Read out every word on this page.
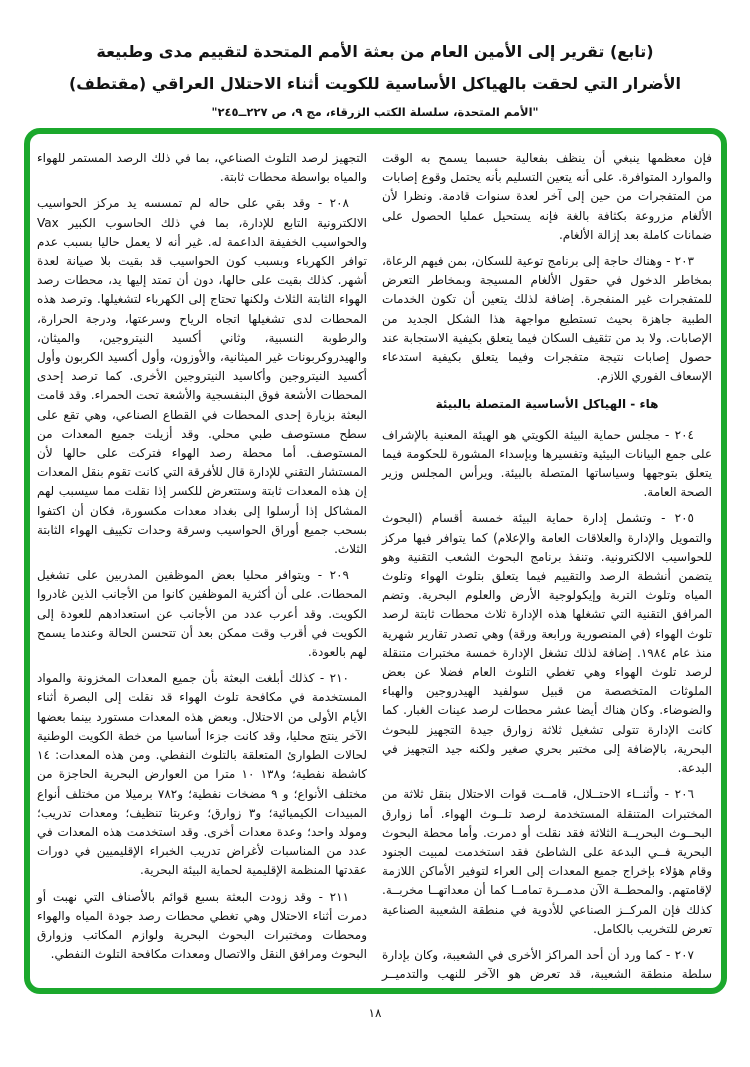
(تابع) تقرير إلى الأمين العام من بعثة الأمم المتحدة لتقييم مدى وطبيعة
الأضرار التي لحقت بالهياكل الأساسية للكويت أثناء الاحتلال العراقي (مقتطف)
"الأمم المتحدة، سلسلة الكتب الزرقاء، مج ٩، ص ٢٢٧ــ٢٤٥"

فإن معظمها ينبغي أن ينظف بفعالية حسبما يسمح به الوقت والموارد المتوافرة. على أنه يتعين التسليم بأنه يحتمل وقوع إصابات من المتفجرات من حين إلى آخر لعدة سنوات قادمة. ونظرا لأن الألغام مزروعة بكثافة بالغة فإنه يستحيل عمليا الحصول على ضمانات كاملة بعد إزالة الألغام.

٢٠٣ - وهناك حاجة إلى برنامج توعية للسكان، بمن فيهم الرعاة، بمخاطر الدخول في حقول الألغام المسيجة وبمخاطر التعرض للمتفجرات غير المنفجرة. إضافة لذلك يتعين أن تكون الخدمات الطبية جاهزة بحيث تستطيع مواجهة هذا الشكل الجديد من الإصابات. ولا بد من تثقيف السكان فيما يتعلق بكيفية الاستجابة عند حصول إصابات نتيجة متفجرات وفيما يتعلق بكيفية استدعاء الإسعاف الفوري اللازم.

هاء - الهياكل الأساسية المتصلة بالبيئة

٢٠٤ - مجلس حماية البيئة الكويتي هو الهيئة المعنية بالإشراف على جمع البيانات البيئية وتفسيرها وبإسداء المشورة للحكومة فيما يتعلق بتوجهها وسياساتها المتصلة بالبيئة. ويرأس المجلس وزير الصحة العامة.

٢٠٥ - وتشمل إدارة حماية البيئة خمسة أقسام (البحوث والتمويل والإدارة والعلاقات العامة والإعلام) كما يتوافر فيها مركز للحواسيب الالكترونية. وتنفذ برنامج البحوث الشعب التقنية وهو يتضمن أنشطة الرصد والتقييم فيما يتعلق بتلوث الهواء وتلوث المياه وتلوث التربة وإيكولوجية الأرض والعلوم البحرية. وتضم المرافق التقنية التي تشغلها هذه الإدارة ثلاث محطات ثابتة لرصد تلوث الهواء (في المنصورية ورابعة ورقة) وهي تصدر تقارير شهرية منذ عام ١٩٨٤. إضافة لذلك تشغل الإدارة خمسة مختبرات متنقلة لرصد تلوث الهواء وهي تغطي التلوث العام فضلا عن بعض الملوثات المتخصصة من قبيل سولفيد الهيدروجين والهباء والضوضاء. وكان هناك أيضا عشر محطات لرصد عينات الغبار. كما كانت الإدارة تتولى تشغيل ثلاثة زوارق جيدة التجهيز للبحوث البحرية، بالإضافة إلى مختبر بحري صغير ولكنه جيد التجهيز في البدعة.

٢٠٦ - وأثنــاء الاحتــلال، قامــت قوات الاحتلال بنقل ثلاثة من المختبرات المتنقلة المستخدمة لرصد تلــوث الهواء. أما زوارق البحــوث البحريــة الثلاثة فقد نقلت أو دمرت. وأما محطة البحوث البحرية فــي البدعة على الشاطئ فقد استخدمت لمبيت الجنود وقام هؤلاء بإخراج جميع المعدات إلى العراء لتوفير الأماكن اللازمة لإقامتهم. والمحطــة الآن مدمــرة تمامــا كما أن معداتهــا مخربــة. كذلك فإن المركــز الصناعي للأدوية في منطقة الشعيبة الصناعية تعرض للتخريب بالكامل.

٢٠٧ - كما ورد أن أحد المراكز الأخرى في الشعيبة، وكان بإدارة سلطة منطقة الشعيبة، قد تعرض هو الآخر للنهب والتدميــر بالكامــل. وكان هذا المركز يضم عدة مختبرات كاملة

التجهيز لرصد التلوث الصناعي، بما في ذلك الرصد المستمر للهواء والمياه بواسطة محطات ثابتة.

٢٠٨ - وقد بقي على حاله لم تمسسه يد مركز الحواسيب الالكترونية التابع للإدارة، بما في ذلك الحاسوب الكبير Vax والحواسيب الخفيفة الداعمة له. غير أنه لا يعمل حاليا بسبب عدم توافر الكهرباء وبسبب كون الحواسيب قد بقيت بلا صيانة لعدة أشهر. كذلك بقيت على حالها، دون أن تمتد إليها يد، محطات رصد الهواء الثابتة الثلاث ولكنها تحتاج إلى الكهرباء لتشغيلها. وترصد هذه المحطات لدى تشغيلها اتجاه الرياح وسرعتها، ودرجة الحرارة، والرطوبة النسبية، وثاني أكسيد النيتروجين، والميثان، والهيدروكربونات غير الميثانية، والأوزون، وأول أكسيد الكربون وأول أكسيد النيتروجين وأكاسيد النيتروجين الأخرى. كما ترصد إحدى المحطات الأشعة فوق البنفسجية والأشعة تحت الحمراء. وقد قامت البعثة بزيارة إحدى المحطات في القطاع الصناعي، وهي تقع على سطح مستوصف طبي محلي. وقد أزيلت جميع المعدات من المستوصف. أما محطة رصد الهواء فتركت على حالها لأن المستشار التقني للإدارة قال للأفرقة التي كانت تقوم بنقل المعدات إن هذه المعدات ثابتة وستتعرض للكسر إذا نقلت مما سيسبب لهم المشاكل إذا أرسلوا إلى بغداد معدات مكسورة، فكان أن اكتفوا بسحب جميع أوراق الحواسيب وسرقة وحدات تكييف الهواء الثابتة الثلاث.

٢٠٩ - ويتوافر محليا بعض الموظفين المدربين على تشغيل المحطات. على أن أكثرية الموظفين كانوا من الأجانب الذين غادروا الكويت. وقد أعرب عدد من الأجانب عن استعدادهم للعودة إلى الكويت في أقرب وقت ممكن بعد أن تتحسن الحالة وعندما يسمح لهم بالعودة.

٢١٠ - كذلك أبلغت البعثة بأن جميع المعدات المخزونة والمواد المستخدمة في مكافحة تلوث الهواء قد نقلت إلى البصرة أثناء الأيام الأولى من الاحتلال. وبعض هذه المعدات مستورد بينما بعضها الآخر ينتج محليا، وقد كانت جزءا أساسيا من خطة الكويت الوطنية لحالات الطوارئ المتعلقة بالتلوث النفطي. ومن هذه المعدات: ١٤ كاشطة نفطية؛ و١٣٨ ١٠ مترا من العوارض البحرية الحاجزة من مختلف الأنواع؛ و ٩ مضخات نفطية؛ و٧٨٢ برميلا من مختلف أنواع المبيدات الكيميائية؛ و٣ زوارق؛ وعربتا تنظيف؛ ومعدات تدريب؛ ومولد واحد؛ وعدة معدات أخرى. وقد استخدمت هذه المعدات في عدد من المناسبات لأغراض تدريب الخبراء الإقليميين في دورات عقدتها المنظمة الإقليمية لحماية البيئة البحرية.

٢١١ - وقد زودت البعثة بسبع قوائم بالأصناف التي نهبت أو دمرت أثناء الاحتلال وهي تغطي محطات رصد جودة المياه والهواء ومحطات ومختبرات البحوث البحرية ولوازم المكاتب وزوارق البحوث ومرافق النقل والاتصال ومعدات مكافحة التلوث النفطي.

١٨
